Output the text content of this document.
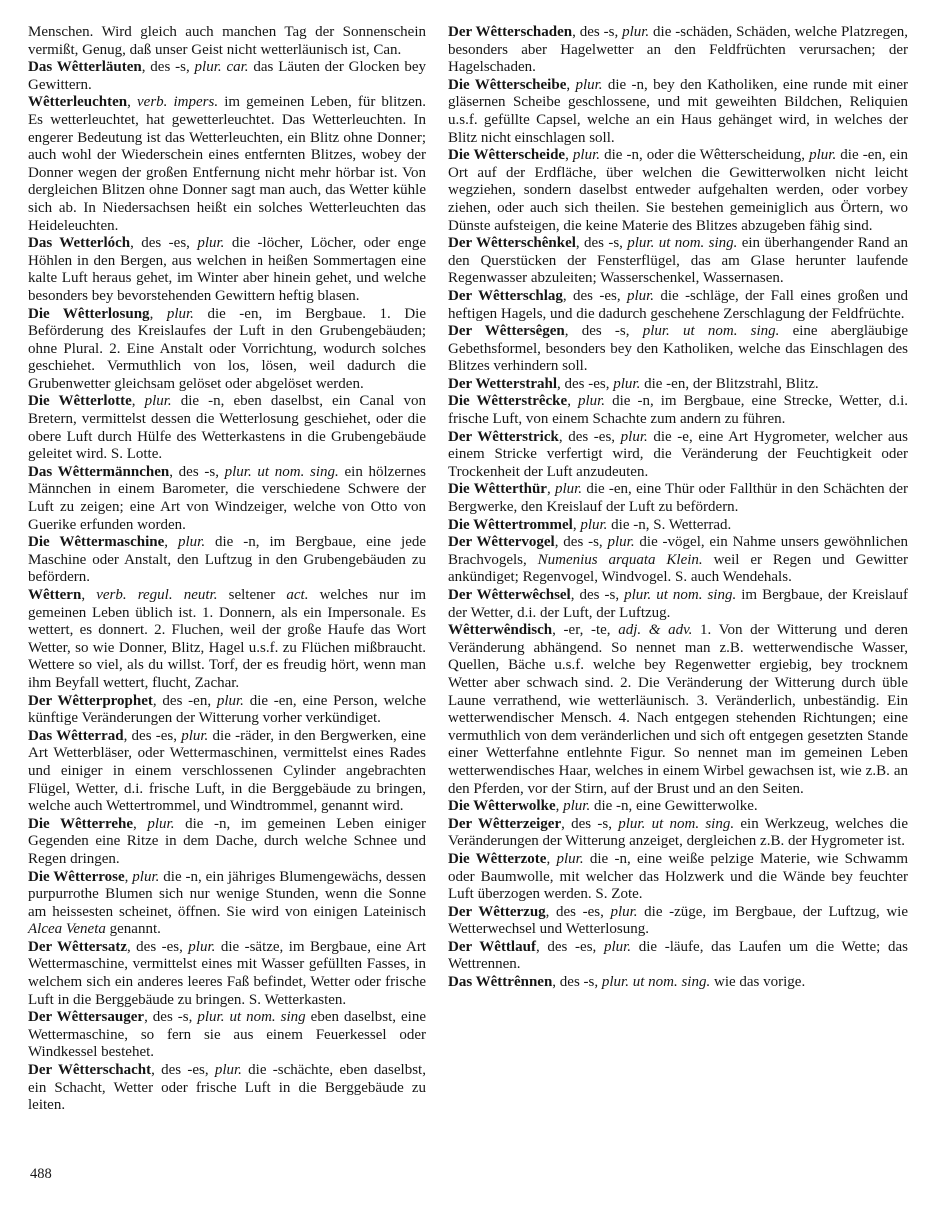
Menschen. Wird gleich auch manchen Tag der Sonnenschein vermißt, Genug, daß unser Geist nicht wetterläunisch ist, Can.

Das Wêtterläuten, des -s, plur. car. das Läuten der Glocken bey Gewittern.

Wêtterleuchten, verb. impers. im gemeinen Leben, für blitzen. Es wetterleuchtet, hat gewetterleuchtet. Das Wetterleuchten. In engerer Bedeutung ist das Wetterleuchten, ein Blitz ohne Donner; auch wohl der Wiederschein eines entfernten Blitzes, wobey der Donner wegen der großen Entfernung nicht mehr hörbar ist. Von dergleichen Blitzen ohne Donner sagt man auch, das Wetter kühle sich ab. In Niedersachsen heißt ein solches Wetterleuchten das Heideleuchten.

Das Wetterlóch, des -es, plur. die -löcher, Löcher, oder enge Höhlen in den Bergen, aus welchen in heißen Sommertagen eine kalte Luft heraus gehet, im Winter aber hinein gehet, und welche besonders bey bevorstehenden Gewittern heftig blasen.

Die Wêtterlosung, plur. die -en, im Bergbaue. 1. Die Beförderung des Kreislaufes der Luft in den Grubengebäuden; ohne Plural. 2. Eine Anstalt oder Vorrichtung, wodurch solches geschiehet. Vermuthlich von los, lösen, weil dadurch die Grubenwetter gleichsam gelöset oder abgelöset werden.

Die Wêtterlotte, plur. die -n, eben daselbst, ein Canal von Bretern, vermittelst dessen die Wetterlosung geschiehet, oder die obere Luft durch Hülfe des Wetterkastens in die Grubengebäude geleitet wird. S. Lotte.

Das Wêttermännchen, des -s, plur. ut nom. sing. ein hölzernes Männchen in einem Barometer, die verschiedene Schwere der Luft zu zeigen; eine Art von Windzeiger, welche von Otto von Guerike erfunden worden.

Die Wêttermaschine, plur. die -n, im Bergbaue, eine jede Maschine oder Anstalt, den Luftzug in den Grubengebäuden zu befördern.

Wêttern, verb. regul. neutr. seltener act. welches nur im gemeinen Leben üblich ist. 1. Donnern, als ein Impersonale. Es wettert, es donnert. 2. Fluchen, weil der große Haufe das Wort Wetter, so wie Donner, Blitz, Hagel u.s.f. zu Flüchen mißbraucht. Wettere so viel, als du willst. Torf, der es freudig hört, wenn man ihm Beyfall wettert, flucht, Zachar.

Der Wêtterprophet, des -en, plur. die -en, eine Person, welche künftige Veränderungen der Witterung vorher verkündiget.

Das Wêtterrad, des -es, plur. die -räder, in den Bergwerken, eine Art Wetterbläser, oder Wettermaschinen, vermittelst eines Rades und einiger in einem verschlossenen Cylinder angebrachten Flügel, Wetter, d.i. frische Luft, in die Berggebäude zu bringen, welche auch Wettertrommel, und Windtrommel, genannt wird.

Die Wêtterrehe, plur. die -n, im gemeinen Leben einiger Gegenden eine Ritze in dem Dache, durch welche Schnee und Regen dringen.

Die Wêtterrose, plur. die -n, ein jähriges Blumengewächs, dessen purpurrothe Blumen sich nur wenige Stunden, wenn die Sonne am heissesten scheinet, öffnen. Sie wird von einigen Lateinisch Alcea Veneta genannt.

Der Wêttersatz, des -es, plur. die -sätze, im Bergbaue, eine Art Wettermaschine, vermittelst eines mit Wasser gefüllten Fasses, in welchem sich ein anderes leeres Faß befindet, Wetter oder frische Luft in die Berggebäude zu bringen. S. Wetterkasten.

Der Wêttersauger, des -s, plur. ut nom. sing eben daselbst, eine Wettermaschine, so fern sie aus einem Feuerkessel oder Windkessel bestehet.

Der Wêtterschacht, des -es, plur. die -schächte, eben daselbst, ein Schacht, Wetter oder frische Luft in die Berggebäude zu leiten.

Der Wêtterschaden, des -s, plur. die -schäden, Schäden, welche Platzregen, besonders aber Hagelwetter an den Feldfrüchten verursachen; der Hagelschaden.

Die Wêtterscheibe, plur. die -n, bey den Katholiken, eine runde mit einer gläsernen Scheibe geschlossene, und mit geweihten Bildchen, Reliquien u.s.f. gefüllte Capsel, welche an ein Haus gehänget wird, in welches der Blitz nicht einschlagen soll.

Die Wêtterscheide, plur. die -n, oder die Wêtterscheidung, plur. die -en, ein Ort auf der Erdfläche, über welchen die Gewitterwolken nicht leicht wegziehen, sondern daselbst entweder aufgehalten werden, oder vorbey ziehen, oder auch sich theilen. Sie bestehen gemeiniglich aus Örtern, wo Dünste aufsteigen, die keine Materie des Blitzes abzugeben fähig sind.

Der Wêtterschênkel, des -s, plur. ut nom. sing. ein überhangender Rand an den Querstücken der Fensterflügel, das am Glase herunter laufende Regenwasser abzuleiten; Wasserschenkel, Wassernasen.

Der Wêtterschlag, des -es, plur. die -schläge, der Fall eines großen und heftigen Hagels, und die dadurch geschehene Zerschlagung der Feldfrüchte.

Der Wêttersêgen, des -s, plur. ut nom. sing. eine abergläubige Gebethsformel, besonders bey den Katholiken, welche das Einschlagen des Blitzes verhindern soll.

Der Wetterstrahl, des -es, plur. die -en, der Blitzstrahl, Blitz.

Die Wêtterstrêcke, plur. die -n, im Bergbaue, eine Strecke, Wetter, d.i. frische Luft, von einem Schachte zum andern zu führen.

Der Wêtterstrick, des -es, plur. die -e, eine Art Hygrometer, welcher aus einem Stricke verfertigt wird, die Veränderung der Feuchtigkeit oder Trockenheit der Luft anzudeuten.

Die Wêtterthür, plur. die -en, eine Thür oder Fallthür in den Schächten der Bergwerke, den Kreislauf der Luft zu befördern.

Die Wêttertrommel, plur. die -n, S. Wetterrad.

Der Wêttervogel, des -s, plur. die -vögel, ein Nahme unsers gewöhnlichen Brachvogels, Numenius arquata Klein. weil er Regen und Gewitter ankündiget; Regenvogel, Windvogel. S. auch Wendehals.

Der Wêtterwêchsel, des -s, plur. ut nom. sing. im Bergbaue, der Kreislauf der Wetter, d.i. der Luft, der Luftzug.

Wêtterwêndisch, -er, -te, adj. & adv. 1. Von der Witterung und deren Veränderung abhängend. So nennet man z.B. wetterwendische Wasser, Quellen, Bäche u.s.f. welche bey Regenwetter ergiebig, bey trocknem Wetter aber schwach sind. 2. Die Veränderung der Witterung durch üble Laune verrathend, wie wetterläunisch. 3. Veränderlich, unbeständig. Ein wetterwendischer Mensch. 4. Nach entgegen stehenden Richtungen; eine vermuthlich von dem veränderlichen und sich oft entgegen gesetzten Stande einer Wetterfahne entlehnte Figur. So nennet man im gemeinen Leben wetterwendisches Haar, welches in einem Wirbel gewachsen ist, wie z.B. an den Pferden, vor der Stirn, auf der Brust und an den Seiten.

Die Wêtterwolke, plur. die -n, eine Gewitterwolke.

Der Wêtterzeiger, des -s, plur. ut nom. sing. ein Werkzeug, welches die Veränderungen der Witterung anzeiget, dergleichen z.B. der Hygrometer ist.

Die Wêtterzote, plur. die -n, eine weiße pelzige Materie, wie Schwamm oder Baumwolle, mit welcher das Holzwerk und die Wände bey feuchter Luft überzogen werden. S. Zote.

Der Wêtterzug, des -es, plur. die -züge, im Bergbaue, der Luftzug, wie Wetterwechsel und Wetterlosung.

Der Wêttlauf, des -es, plur. die -läufe, das Laufen um die Wette; das Wettrennen.

Das Wêttrênnen, des -s, plur. ut nom. sing. wie das vorige.

488
